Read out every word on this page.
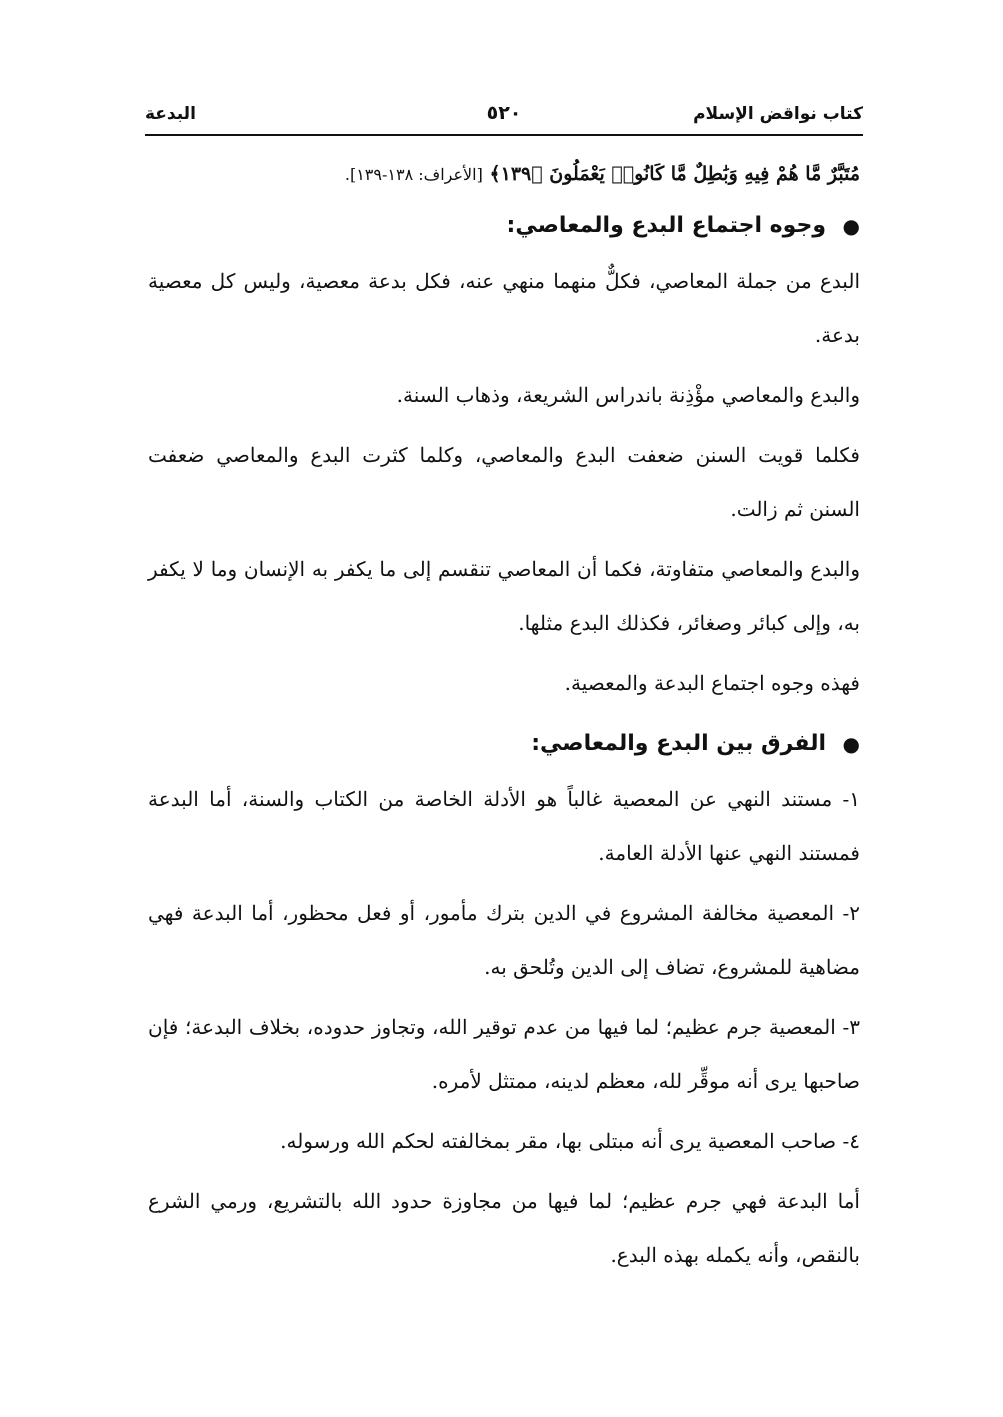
كتاب نواقض الإسلام
٥٢٠
البدعة

مُتَبَّرٌ مَّا هُمْ فِيهِ وَبَٰطِلٌ مَّا كَانُوا۟ يَعْمَلُونَ ﴿١٣٩﴾ [الأعراف: ١٣٨-١٣٩].

●
وجوه اجتماع البدع والمعاصي:

البدع من جملة المعاصي، فكلٌّ منهما منهي عنه، فكل بدعة معصية، وليس كل معصية بدعة.

والبدع والمعاصي مؤْذِنة باندراس الشريعة، وذهاب السنة.

فكلما قويت السنن ضعفت البدع والمعاصي، وكلما كثرت البدع والمعاصي ضعفت السنن ثم زالت.

والبدع والمعاصي متفاوتة، فكما أن المعاصي تنقسم إلى ما يكفر به الإنسان وما لا يكفر به، وإلى كبائر وصغائر، فكذلك البدع مثلها.

فهذه وجوه اجتماع البدعة والمعصية.

●
الفرق بين البدع والمعاصي:

١- مستند النهي عن المعصية غالباً هو الأدلة الخاصة من الكتاب والسنة، أما البدعة فمستند النهي عنها الأدلة العامة.

٢- المعصية مخالفة المشروع في الدين بترك مأمور، أو فعل محظور، أما البدعة فهي مضاهية للمشروع، تضاف إلى الدين وتُلحق به.

٣- المعصية جرم عظيم؛ لما فيها من عدم توقير الله، وتجاوز حدوده، بخلاف البدعة؛ فإن صاحبها يرى أنه موقِّر لله، معظم لدينه، ممتثل لأمره.

٤- صاحب المعصية يرى أنه مبتلى بها، مقر بمخالفته لحكم الله ورسوله.

أما البدعة فهي جرم عظيم؛ لما فيها من مجاوزة حدود الله بالتشريع، ورمي الشرع بالنقص، وأنه يكمله بهذه البدع.
